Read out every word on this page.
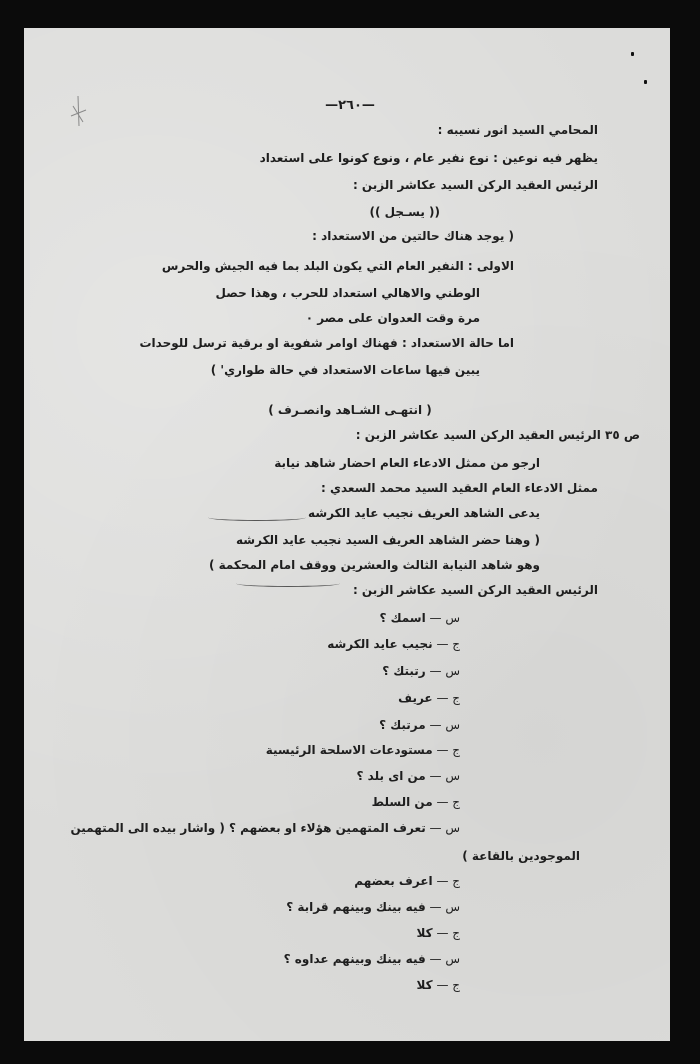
—٢٦٠—
المحامي السيد انور نسيبه :
يظهر فيه نوعين : نوع نفير عام ، ونوع كونوا على استعداد
الرئيس العقيد الركن السيد عكاشر الزبن :
(( يسـجل ))
( يوجد هناك حالتين من الاستعداد :
الاولى : النفير العام التي يكون البلد بما فيه الجيش والحرس
الوطني والاهالي استعداد للحرب ، وهذا حصل
مرة وقت العدوان على مصر ٠
اما حالة الاستعداد : فهناك اوامر شفوية او برقية ترسل للوحدات
يبين فيها ساعات الاستعداد في حالة طواري' )
( انتهـى الشـاهد وانصـرف )
ص ٣٥ الرئيس العقيد الركن السيد عكاشر الزبن :
ارجو من ممثل الادعاء العام احضار شاهد نيابة
ممثل الادعاء العام العقيد السيد محمد السعدي :
يدعى الشاهد العريف نجيب عايد الكرشه
( وهنا حضر الشاهد العريف السيد نجيب عايد الكرشه
وهو شاهد النيابة الثالث والعشرين ووقف امام المحكمة )
الرئيس العقيد الركن السيد عكاشر الزبن :
س — اسمك ؟
ج — نجيب عايد الكرشه
س — رتبتك ؟
ج — عريف
س — مرتبك ؟
ج — مستودعات الاسلحة الرئيسية
س — من اى بلد ؟
ج — من السلط
س — تعرف المتهمين هؤلاء او بعضهم ؟ ( واشار بيده الى المتهمين
الموجودين بالقاعة )
ج — اعرف بعضهم
س — فيه بينك وبينهم قرابة ؟
ج — كلا
س — فيه بينك وبينهم عداوه ؟
ج — كلا
